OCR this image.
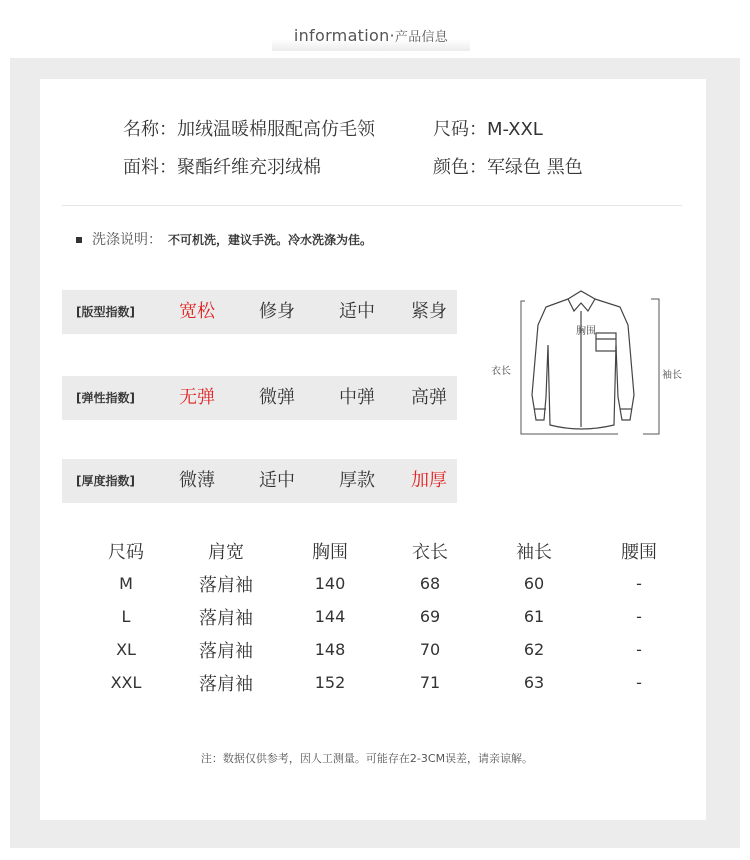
information·产品信息
名称：加绒温暖棉服配高仿毛领	尺码：M-XXL
面料：聚酯纤维充羽绒棉	颜色：军绿色 黑色
洗涤说明： 不可机洗，建议手洗。冷水洗涤为佳。
[版型指数]	宽松	修身	适中	紧身
[弹性指数]	无弹	微弹	中弹	高弹
[厚度指数]	微薄	适中	厚款	加厚
胸围
衣长	袖长
尺码	肩宽	胸围	衣长	袖长	腰围
M	落肩袖	140	68	60	-
L	落肩袖	144	69	61	-
XL	落肩袖	148	70	62	-
XXL	落肩袖	152	71	63	-
注：数据仅供参考，因人工测量。可能存在2-3CM误差，请亲谅解。
